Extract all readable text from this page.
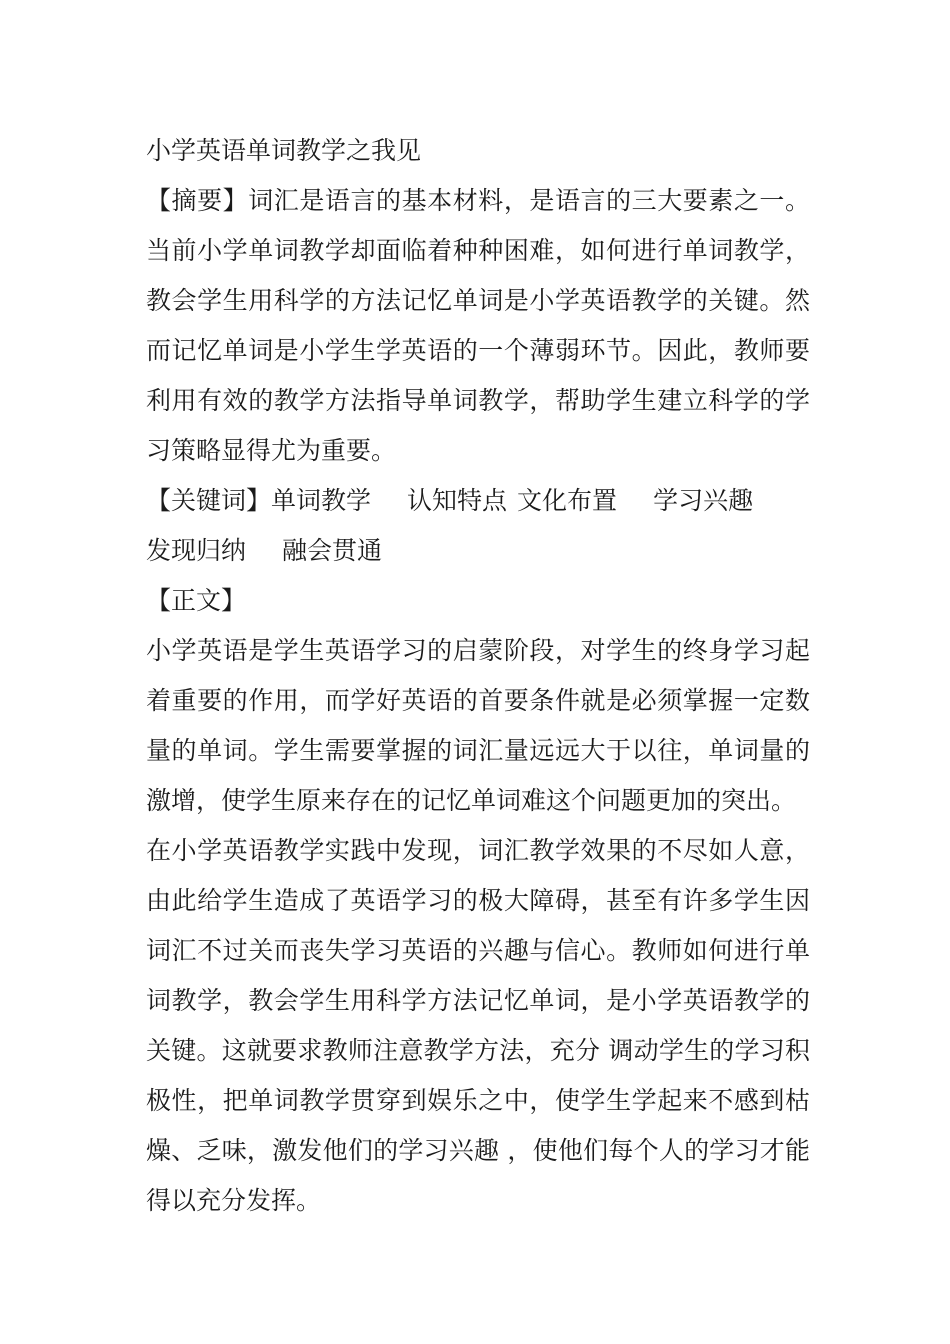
小学英语单词教学之我见

【摘要】词汇是语言的基本材料，是语言的三大要素之一。当前小学单词教学却面临着种种困难，如何进行单词教学，教会学生用科学的方法记忆单词是小学英语教学的关键。然而记忆单词是小学生学英语的一个薄弱环节。因此，教师要利用有效的教学方法指导单词教学，帮助学生建立科学的学习策略显得尤为重要。

【关键词】单词教学 认知特点 文化布置 学习兴趣发现归纳 融会贯通

【正文】

小学英语是学生英语学习的启蒙阶段，对学生的终身学习起着重要的作用，而学好英语的首要条件就是必须掌握一定数量的单词。学生需要掌握的词汇量远远大于以往，单词量的激增，使学生原来存在的记忆单词难这个问题更加的突出。

在小学英语教学实践中发现，词汇教学效果的不尽如人意，由此给学生造成了英语学习的极大障碍，甚至有许多学生因词汇不过关而丧失学习英语的兴趣与信心。教师如何进行单词教学，教会学生用科学方法记忆单词，是小学英语教学的关键。这就要求教师注意教学方法，充分 调动学生的学习积极性，把单词教学贯穿到娱乐之中，使学生学起来不感到枯燥、乏味，激发他们的学习兴趣 ，使他们每个人的学习才能得以充分发挥。
